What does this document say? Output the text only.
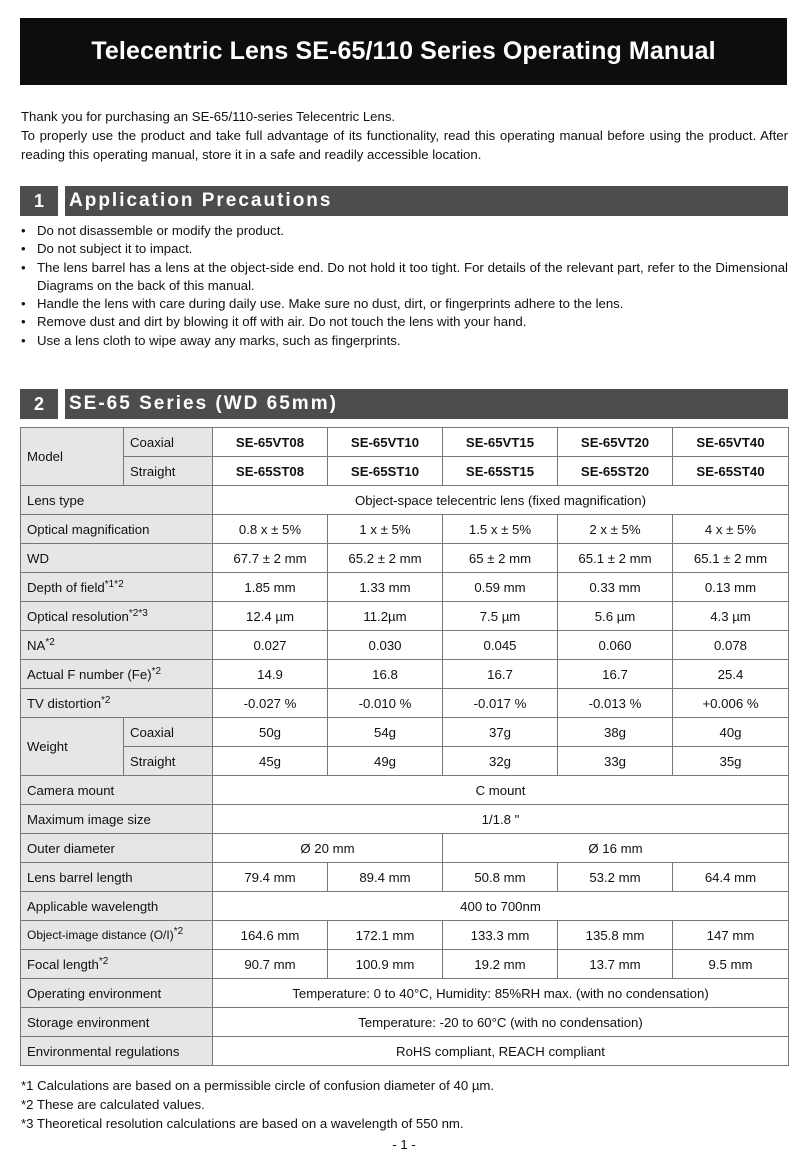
Telecentric Lens SE-65/110 Series Operating Manual

Thank you for purchasing an SE-65/110-series Telecentric Lens.

To properly use the product and take full advantage of its functionality, read this operating manual before using the product. After reading this operating manual, store it in a safe and readily accessible location.

1	Application Precautions
• Do not disassemble or modify the product.
• Do not subject it to impact.
• The lens barrel has a lens at the object-side end. Do not hold it too tight. For details of the relevant part, refer to the Dimensional Diagrams on the back of this manual.
• Handle the lens with care during daily use. Make sure no dust, dirt, or fingerprints adhere to the lens.
• Remove dust and dirt by blowing it off with air. Do not touch the lens with your hand.
• Use a lens cloth to wipe away any marks, such as fingerprints.
2	SE-65 Series (WD 65mm)
Model	Coaxial	SE-65VT08	SE-65VT10	SE-65VT15	SE-65VT20	SE-65VT40
	Straight	SE-65ST08	SE-65ST10	SE-65ST15	SE-65ST20	SE-65ST40
Lens type		Object-space telecentric lens (fixed magnification)				
Optical magnification		0.8 x ± 5%	1 x ± 5%	1.5 x ± 5%	2 x ± 5%	4 x ± 5%
WD		67.7 ± 2 mm	65.2 ± 2 mm	65 ± 2 mm	65.1 ± 2 mm	65.1 ± 2 mm
Depth of field$^{*1*2}$		1.85 mm	1.33 mm	0.59 mm	0.33 mm	0.13 mm
Optical resolution$^{*2*3}$		12.4 µm	11.2µm	7.5 µm	5.6 µm	4.3 µm
NA$^{*2}$		0.027	0.030	0.045	0.060	0.078
Actual F number $(Fe)^{*2}$		14.9	16.8	16.7	16.7	25.4
TV distortion$^{*2}$		-0.027 %	-0.010 %	-0.017 %	-0.013 %	+0.006 %
Weight	Coaxial	50g	54g	37g	38g	40g
	Straight	45g	49g	32g	33g	35g
Camera mount		C mount				
Maximum image size		1/1.8 "				
Outer diameter		Ø 20 mm		Ø 16 mm		
Lens barrel length		79.4 mm	89.4 mm	50.8 mm	53.2 mm	64.4 mm
Applicable wavelength		400 to 700nm				
Object-image distance $(O/I)^{*2}$		164.6 mm	172.1 mm	133.3 mm	135.8 mm	147 mm
Focal length$^{*2}$		90.7 mm	100.9 mm	19.2 mm	13.7 mm	9.5 mm
Operating environment		Temperature: 0 to 40°C, Humidity: 85%RH max. (with no condensation)				
Storage environment		Temperature: -20 to 60°C (with no condensation)				
Environmental regulations		RoHS compliant, REACH compliant				
*1 Calculations are based on a permissible circle of confusion diameter of 40 µm.
*2 These are calculated values.
*3 Theoretical resolution calculations are based on a wavelength of 550 nm.
- 1 -
